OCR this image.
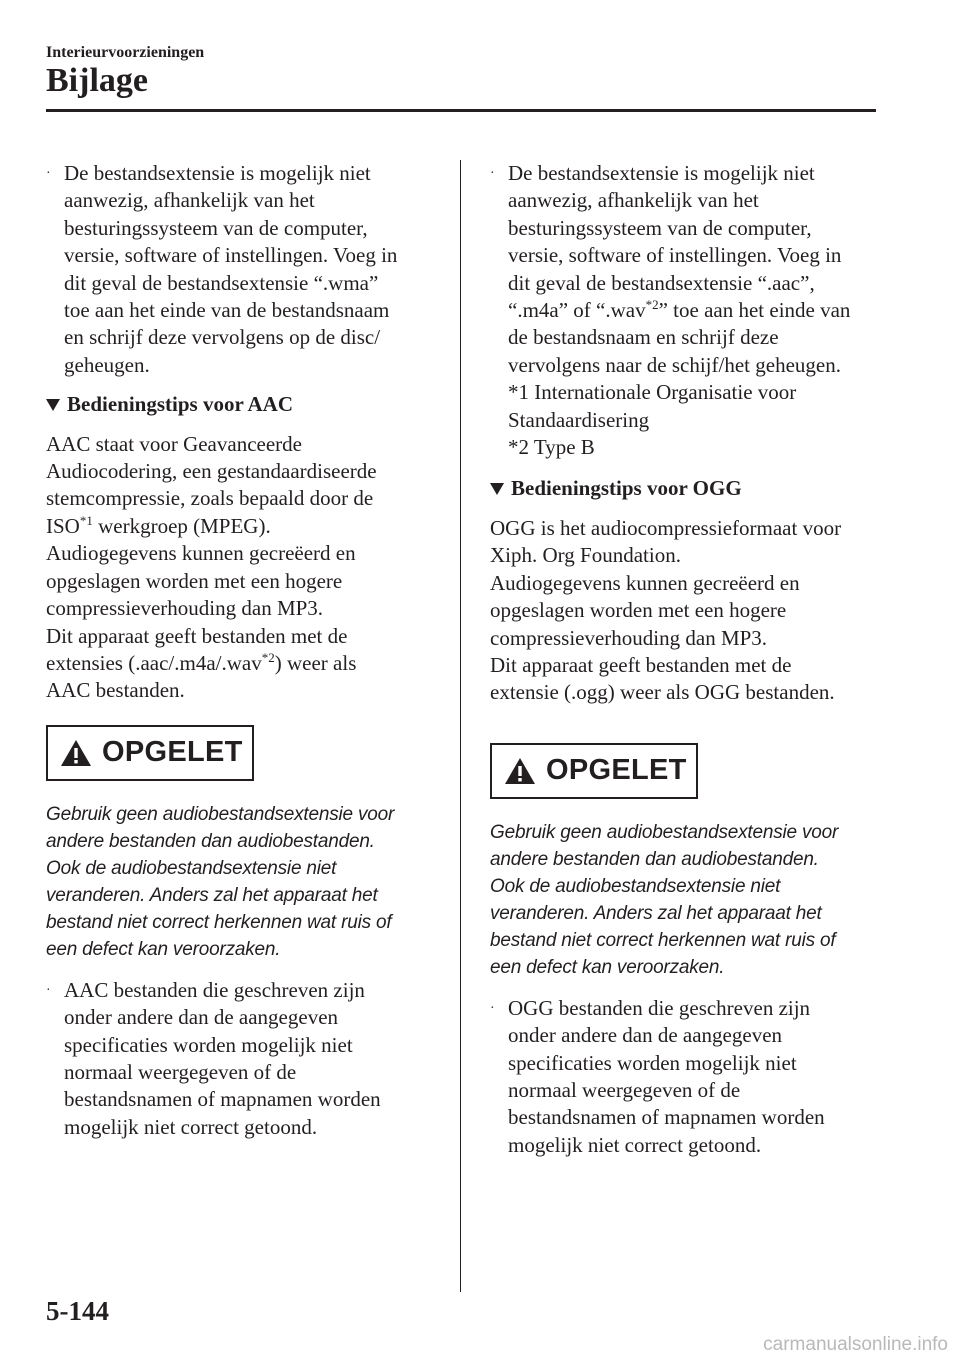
Interieurvoorzieningen
Bijlage
· De bestandsextensie is mogelijk niet
aanwezig, afhankelijk van het
besturingssysteem van de computer,
versie, software of instellingen. Voeg in
dit geval de bestandsextensie “.wma”
toe aan het einde van de bestandsnaam
en schrijf deze vervolgens op de disc/
geheugen.
Bedieningstips voor AAC
AAC staat voor Geavanceerde
Audiocodering, een gestandaardiseerde
stemcompressie, zoals bepaald door de
ISO$^{*1}$ werkgroep (MPEG).
Audiogegevens kunnen gecreëerd en
opgeslagen worden met een hogere
compressieverhouding dan MP3.
Dit apparaat geeft bestanden met de
extensies (.aac/.m4a/.wav$^{*2}$) weer als
AAC bestanden.
OPGELET
Gebruik geen audiobestandsextensie voor
andere bestanden dan audiobestanden.
Ook de audiobestandsextensie niet
veranderen. Anders zal het apparaat het
bestand niet correct herkennen wat ruis of
een defect kan veroorzaken.
· AAC bestanden die geschreven zijn
onder andere dan de aangegeven
specificaties worden mogelijk niet
normaal weergegeven of de
bestandsnamen of mapnamen worden
mogelijk niet correct getoond.
· De bestandsextensie is mogelijk niet
aanwezig, afhankelijk van het
besturingssysteem van de computer,
versie, software of instellingen. Voeg in
dit geval de bestandsextensie “.aac”,
“.m4a” of “.wav$^{*2}$” toe aan het einde van
de bestandsnaam en schrijf deze
vervolgens naar de schijf/het geheugen.
*1 Internationale Organisatie voor
Standaardisering
*2 Type B
Bedieningstips voor OGG
OGG is het audiocompressieformaat voor
Xiph. Org Foundation.
Audiogegevens kunnen gecreëerd en
opgeslagen worden met een hogere
compressieverhouding dan MP3.
Dit apparaat geeft bestanden met de
extensie (.ogg) weer als OGG bestanden.
OPGELET
Gebruik geen audiobestandsextensie voor
andere bestanden dan audiobestanden.
Ook de audiobestandsextensie niet
veranderen. Anders zal het apparaat het
bestand niet correct herkennen wat ruis of
een defect kan veroorzaken.
· OGG bestanden die geschreven zijn
onder andere dan de aangegeven
specificaties worden mogelijk niet
normaal weergegeven of de
bestandsnamen of mapnamen worden
mogelijk niet correct getoond.
5-144
carmanualsonline.info
